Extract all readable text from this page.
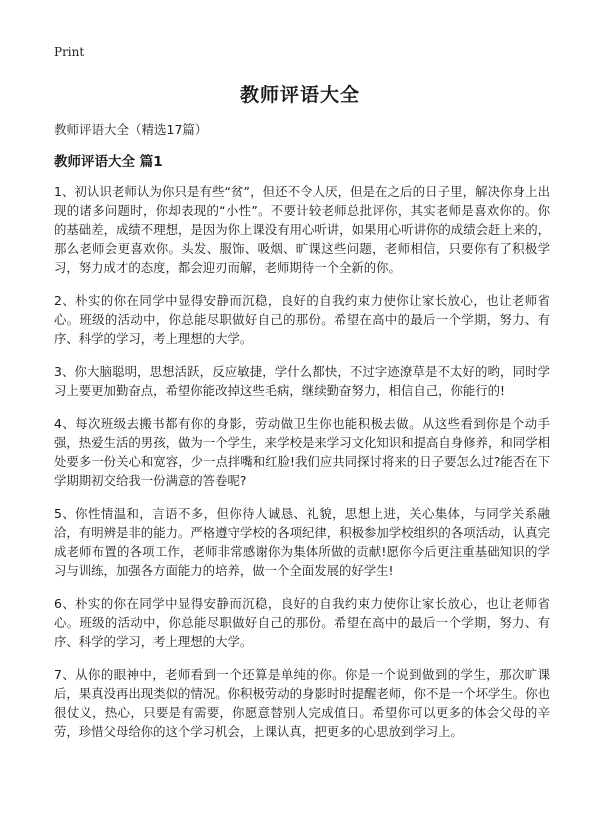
Print
教师评语大全
教师评语大全（精选17篇）
教师评语大全 篇1

1、初认识老师认为你只是有些“贫”，但还不令人厌，但是在之后的日子里，解决你身上出现的诸多问题时，你却表现的“小性”。不要计较老师总批评你，其实老师是喜欢你的。你的基础差，成绩不理想，是因为你上课没有用心听讲，如果用心听讲你的成绩会赶上来的，那么老师会更喜欢你。头发、服饰、吸烟、旷课这些问题，老师相信，只要你有了积极学习，努力成才的态度，都会迎刃而解，老师期待一个全新的你。

2、朴实的你在同学中显得安静而沉稳，良好的自我约束力使你让家长放心，也让老师省心。班级的活动中，你总能尽职做好自己的那份。希望在高中的最后一个学期，努力、有序、科学的学习，考上理想的大学。

3、你大脑聪明，思想活跃，反应敏捷，学什么都快，不过字迹潦草是不太好的哟，同时学习上要更加勤奋点，希望你能改掉这些毛病，继续勤奋努力，相信自己，你能行的!

4、每次班级去搬书都有你的身影，劳动做卫生你也能积极去做。从这些看到你是个动手强，热爱生活的男孩，做为一个学生，来学校是来学习文化知识和提高自身修养，和同学相处要多一份关心和宽容，少一点拌嘴和红脸!我们应共同探讨将来的日子要怎么过?能否在下学期期初交给我一份满意的答卷呢?

5、你性情温和，言语不多，但你待人诚恳、礼貌，思想上进，关心集体，与同学关系融洽，有明辨是非的能力。严格遵守学校的各项纪律，积极参加学校组织的各项活动，认真完成老师布置的各项工作，老师非常感谢你为集体所做的贡献!愿你今后更注重基础知识的学习与训练，加强各方面能力的培养，做一个全面发展的好学生!

6、朴实的你在同学中显得安静而沉稳，良好的自我约束力使你让家长放心，也让老师省心。班级的活动中，你总能尽职做好自己的那份。希望在高中的最后一个学期，努力、有序、科学的学习，考上理想的大学。

7、从你的眼神中，老师看到一个还算是单纯的你。你是一个说到做到的学生，那次旷课后，果真没再出现类似的情况。你积极劳动的身影时时提醒老师，你不是一个坏学生。你也很仗义，热心，只要是有需要，你愿意替别人完成值日。希望你可以更多的体会父母的辛劳，珍惜父母给你的这个学习机会，上课认真，把更多的心思放到学习上。
